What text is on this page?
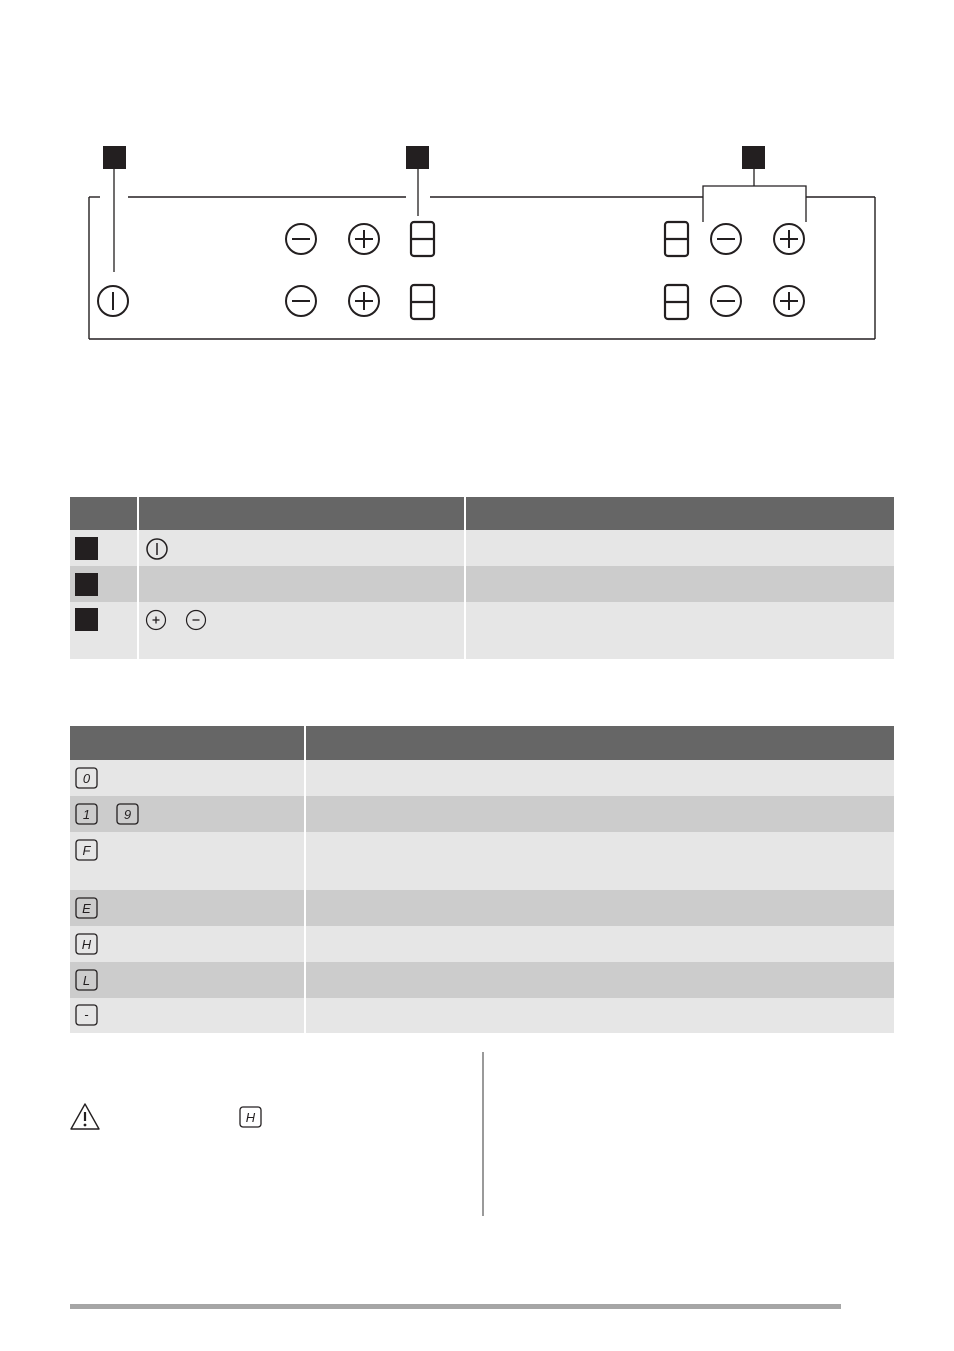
0
1	9
F
E
H
L
-
H
